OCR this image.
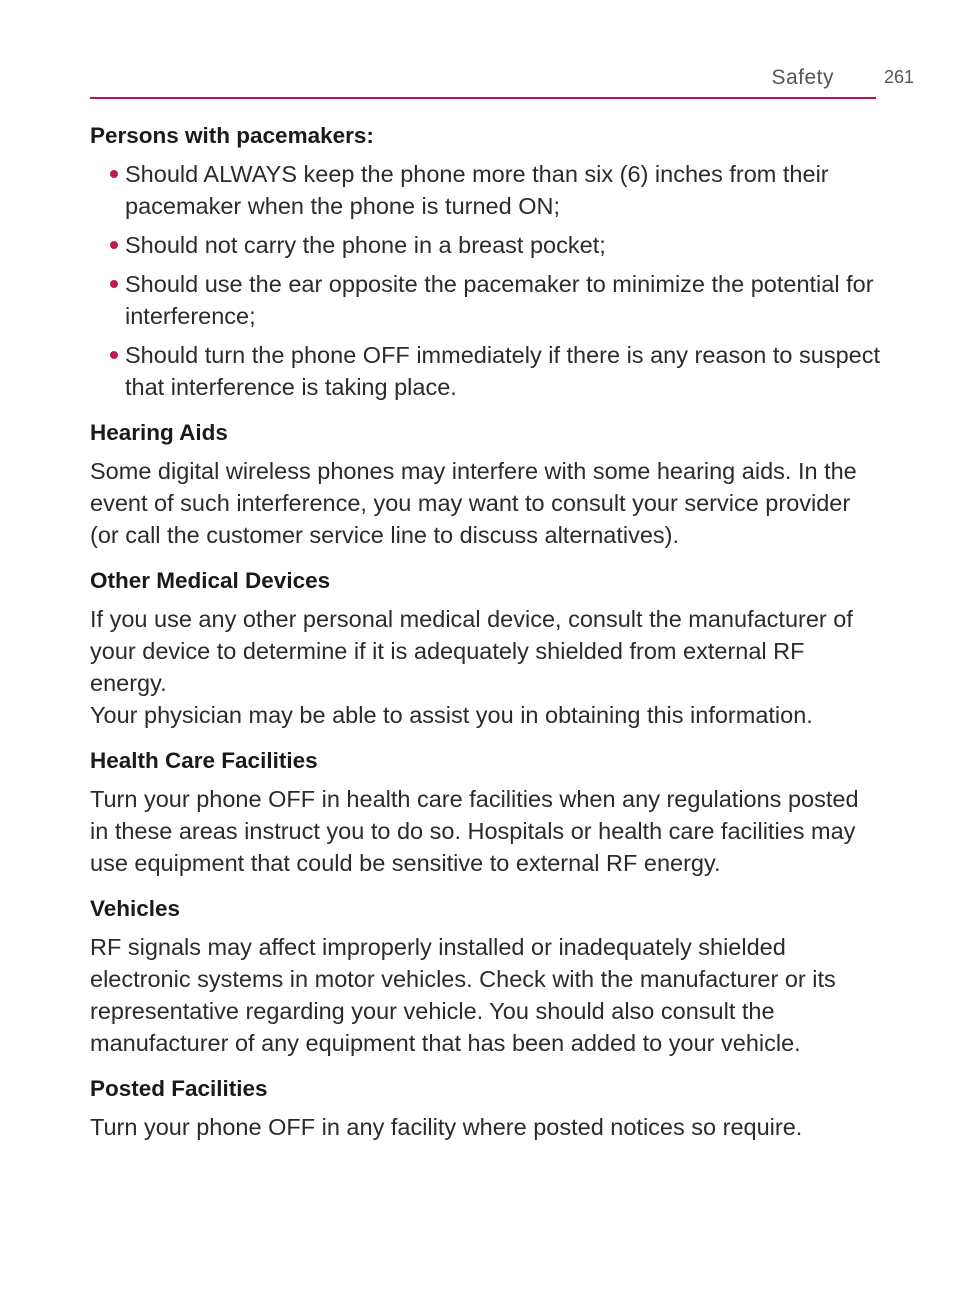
Safety	261
Persons with pacemakers:
Should ALWAYS keep the phone more than six (6) inches from their pacemaker when the phone is turned ON;
Should not carry the phone in a breast pocket;
Should use the ear opposite the pacemaker to minimize the potential for interference;
Should turn the phone OFF immediately if there is any reason to suspect that interference is taking place.
Hearing Aids

Some digital wireless phones may interfere with some hearing aids. In the event of such interference, you may want to consult your service provider (or call the customer service line to discuss alternatives).

Other Medical Devices

If you use any other personal medical device, consult the manufacturer of your device to determine if it is adequately shielded from external RF energy.

Your physician may be able to assist you in obtaining this information.

Health Care Facilities

Turn your phone OFF in health care facilities when any regulations posted in these areas instruct you to do so. Hospitals or health care facilities may use equipment that could be sensitive to external RF energy.

Vehicles

RF signals may affect improperly installed or inadequately shielded electronic systems in motor vehicles. Check with the manufacturer or its representative regarding your vehicle. You should also consult the manufacturer of any equipment that has been added to your vehicle.

Posted Facilities

Turn your phone OFF in any facility where posted notices so require.
